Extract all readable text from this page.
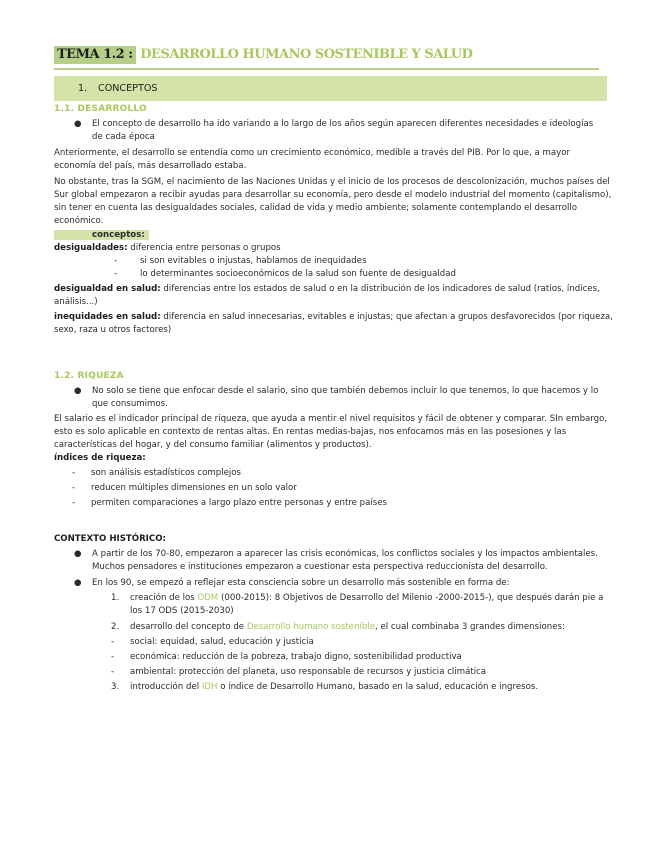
TEMA 1.2 : DESARROLLO HUMANO SOSTENIBLE Y SALUD
1. CONCEPTOS
1.1. DESARROLLO
● El concepto de desarrollo ha ido variando a lo largo de los años según aparecen diferentes necesidades e ideologías de cada época

Anteriormente, el desarrollo se entendía como un crecimiento económico, medible a través del PIB. Por lo que, a mayor economía del país, más desarrollado estaba.

No obstante, tras la SGM, el nacimiento de las Naciones Unidas y el inicio de los procesos de descolonización, muchos países del Sur global empezaron a recibir ayudas para desarrollar su economía, pero desde el modelo industrial del momento (capitalismo), sin tener en cuenta las desigualdades sociales, calidad de vida y medio ambiente; solamente contemplando el desarrollo económico.

conceptos:

desigualdades: diferencia entre personas o grupos

-	si son evitables o injustas, hablamos de inequidades
-	lo determinantes socioeconómicos de la salud son fuente de desigualdad

desigualdad en salud: diferencias entre los estados de salud o en la distribución de los indicadores de salud (ratios, índices, análisis...)

inequidades en salud: diferencia en salud innecesarias, evitables e injustas; que afectan a grupos desfavorecidos (por riqueza, sexo, raza u otros factores)

1.2. RIQUEZA
● No solo se tiene que enfocar desde el salario, sino que también debemos incluir lo que tenemos, lo que hacemos y lo que consumimos.

El salario es el indicador principal de riqueza, que ayuda a mentir el nivel requisitos y fácil de obtener y comparar. SIn embargo, esto es solo aplicable en contexto de rentas altas. En rentas medias-bajas, nos enfocamos más en las posesiones y las características del hogar, y del consumo familiar (alimentos y productos).

índices de riqueza:

- son análisis estadísticos complejos
- reducen múltiples dimensiones en un solo valor
- permiten comparaciones a largo plazo entre personas y entre países

CONTEXTO HISTÓRICO:

● A partir de los 70-80, empezaron a aparecer las crisis económicas, los conflictos sociales y los impactos ambientales. Muchos pensadores e instituciones empezaron a cuestionar esta perspectiva reduccionista del desarrollo.
● En los 90, se empezó a reflejar esta consciencia sobre un desarrollo más sostenible en forma de:
1. creación de los ODM (000-2015): 8 Objetivos de Desarrollo del Milenio -2000-2015-), que después darán pie a los 17 ODS (2015-2030)
2. desarrollo del concepto de Desarrollo humano sostenible, el cual combinaba 3 grandes dimensiones:
- social: equidad, salud, educación y justicia
- económica: reducción de la pobreza, trabajo digno, sostenibilidad productiva
- ambiental: protección del planeta, uso responsable de recursos y justicia climática
3. introducción del IDH o índice de Desarrollo Humano, basado en la salud, educación e ingresos.
